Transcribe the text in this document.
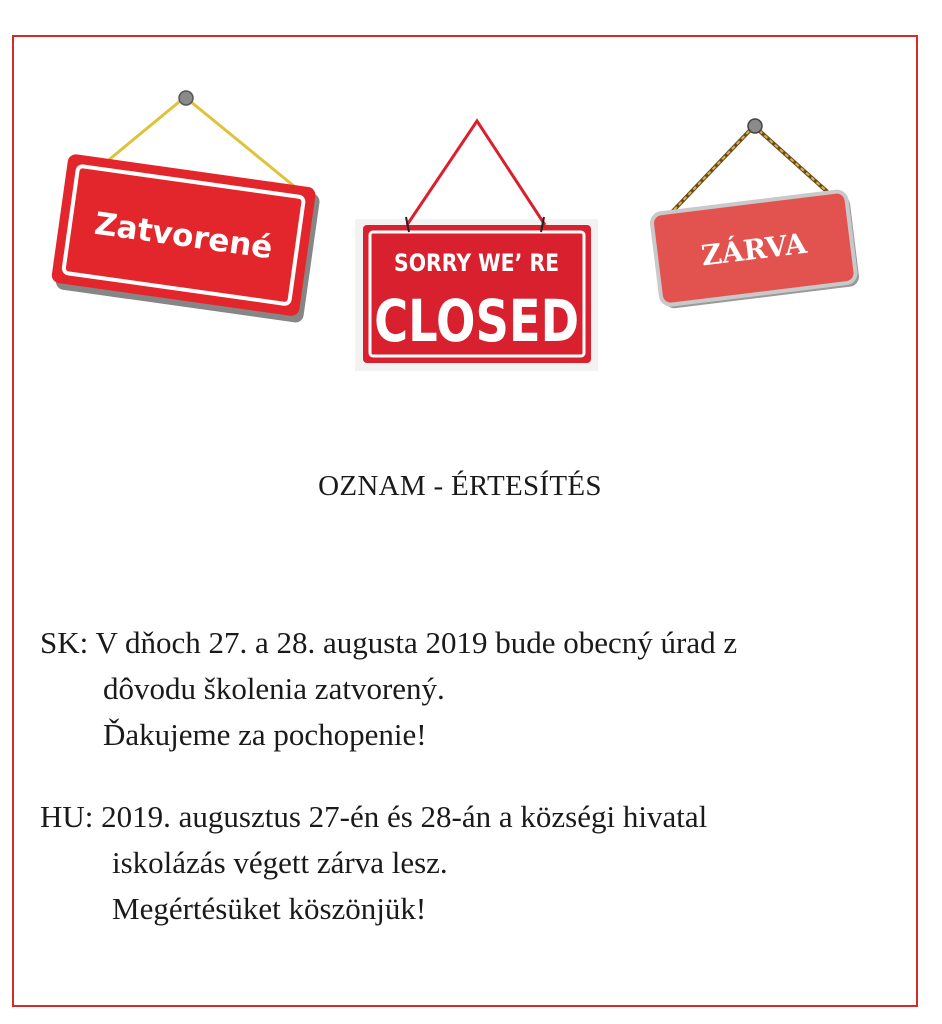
Zatvorené	SORRY WE’ RE
CLOSED
ZÁRVA
OZNAM - ÉRTESÍTÉS
SK: V dňoch 27. a 28. augusta 2019 bude obecný úrad z
dôvodu školenia zatvorený.
Ďakujeme za pochopenie!
HU: 2019. augusztus 27-én és 28-án a községi hivatal
iskolázás végett zárva lesz.
Megértésüket köszönjük!
